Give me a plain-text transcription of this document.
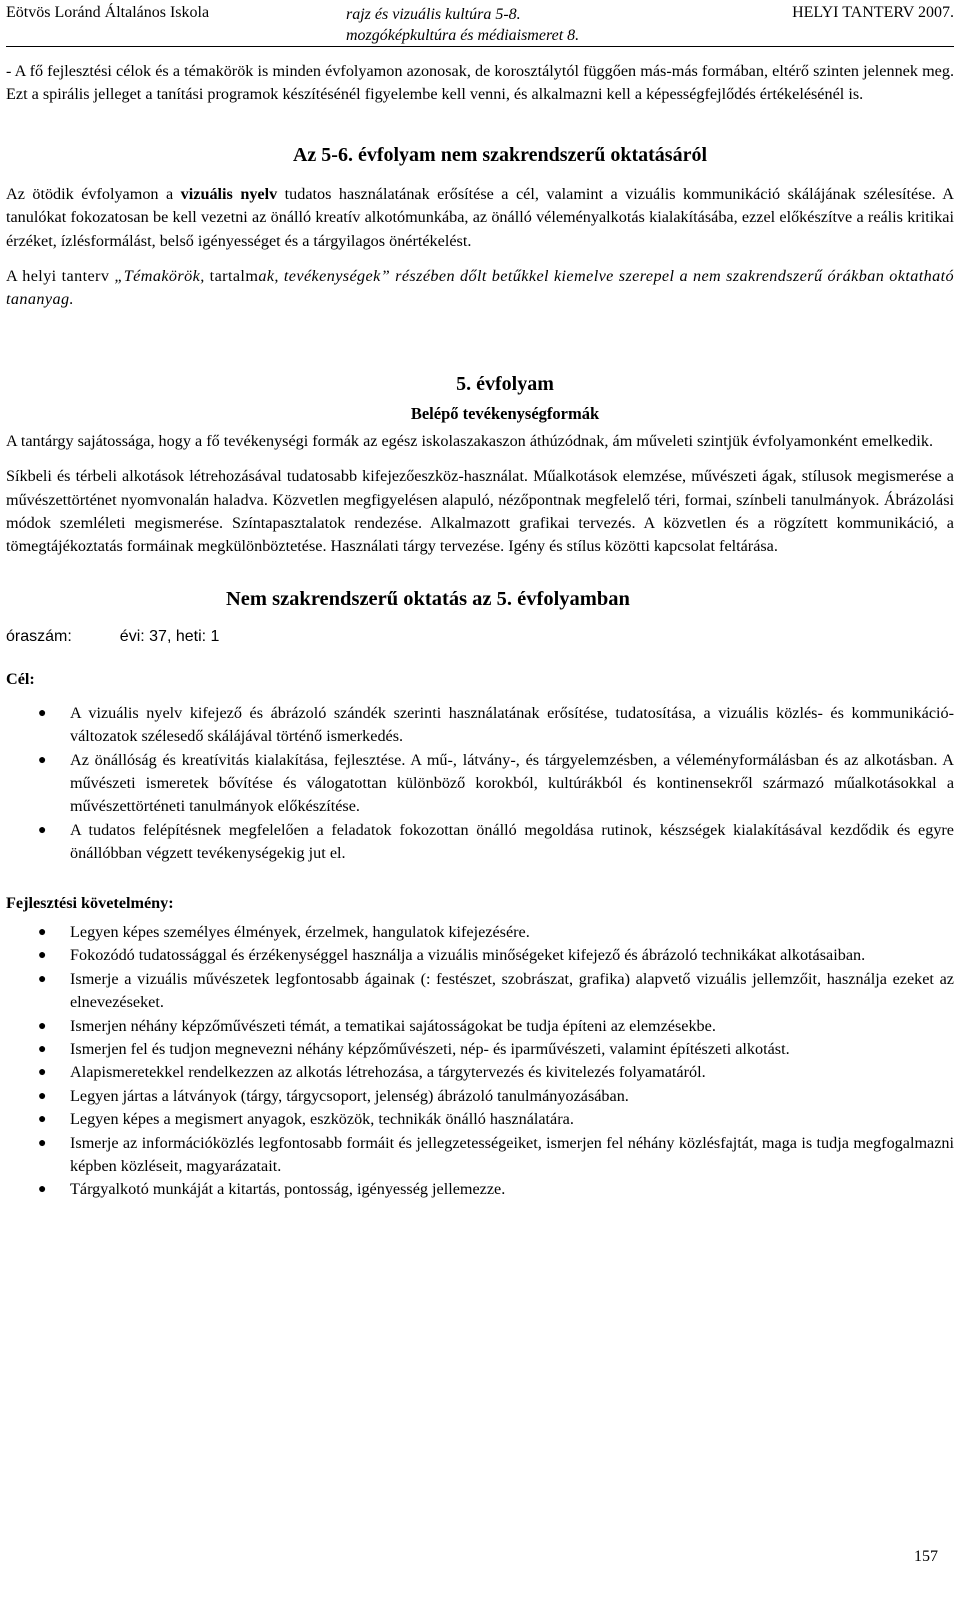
Eötvös Loránd Általános Iskola	rajz és vizuális kultúra 5-8.
mozgóképkultúra és médiaismeret 8.
HELYI TANTERV 2007.

- A fő fejlesztési célok és a témakörök is minden évfolyamon azonosak, de korosztálytól függően más-más formában, eltérő szinten jelennek meg. Ezt a spirális jelleget a tanítási programok készítésénél figyelembe kell venni, és alkalmazni kell a képességfejlődés értékelésénél is.

Az 5-6. évfolyam nem szakrendszerű oktatásáról

Az ötödik évfolyamon a vizuális nyelv tudatos használatának erősítése a cél, valamint a vizuális kommunikáció skálájának szélesítése. A tanulókat fokozatosan be kell vezetni az önálló kreatív alkotómunkába, az önálló véleményalkotás kialakításába, ezzel előkészítve a reális kritikai érzéket, ízlésformálást, belső igényességet és a tárgyilagos önértékelést.

A helyi tanterv „Témakörök, tartalmak, tevékenységek” részében dőlt betűkkel kiemelve szerepel a nem szakrendszerű órákban oktatható tananyag.

5. évfolyam
Belépő tevékenységformák

A tantárgy sajátossága, hogy a fő tevékenységi formák az egész iskolaszakaszon áthúzódnak, ám műveleti szintjük évfolyamonként emelkedik.

Síkbeli és térbeli alkotások létrehozásával tudatosabb kifejezőeszköz-használat. Műalkotások elemzése, művészeti ágak, stílusok megismerése a művészettörténet nyomvonalán haladva. Közvetlen megfigyelésen alapuló, nézőpontnak megfelelő téri, formai, színbeli tanulmányok. Ábrázolási módok szemléleti megismerése. Színtapasztalatok rendezése. Alkalmazott grafikai tervezés. A közvetlen és a rögzített kommunikáció, a tömegtájékoztatás formáinak megkülönböztetése. Használati tárgy tervezése. Igény és stílus közötti kapcsolat feltárása.

Nem szakrendszerű oktatás az 5. évfolyamban
óraszám:	évi: 37, heti: 1
Cél:
● A vizuális nyelv kifejező és ábrázoló szándék szerinti használatának erősítése, tudatosítása, a vizuális közlés- és kommunikáció-változatok szélesedő skálájával történő ismerkedés.
● Az önállóság és kreatívitás kialakítása, fejlesztése. A mű-, látvány-, és tárgyelemzésben, a véleményformálásban és az alkotásban. A művészeti ismeretek bővítése és válogatottan különböző korokból, kultúrákból és kontinensekről származó műalkotásokkal a művészettörténeti tanulmányok előkészítése.
● A tudatos felépítésnek megfelelően a feladatok fokozottan önálló megoldása rutinok, készségek kialakításával kezdődik és egyre önállóbban végzett tevékenységekig jut el.
Fejlesztési követelmény:
● Legyen képes személyes élmények, érzelmek, hangulatok kifejezésére.
● Fokozódó tudatossággal és érzékenységgel használja a vizuális minőségeket kifejező és ábrázoló technikákat alkotásaiban.
● Ismerje a vizuális művészetek legfontosabb ágainak (: festészet, szobrászat, grafika) alapvető vizuális jellemzőit, használja ezeket az elnevezéseket.
● Ismerjen néhány képzőművészeti témát, a tematikai sajátosságokat be tudja építeni az elemzésekbe.
● Ismerjen fel és tudjon megnevezni néhány képzőművészeti, nép- és iparművészeti, valamint építészeti alkotást.
● Alapismeretekkel rendelkezzen az alkotás létrehozása, a tárgytervezés és kivitelezés folyamatáról.
● Legyen jártas a látványok (tárgy, tárgycsoport, jelenség) ábrázoló tanulmányozásában.
● Legyen képes a megismert anyagok, eszközök, technikák önálló használatára.
● Ismerje az információközlés legfontosabb formáit és jellegzetességeiket, ismerjen fel néhány közlésfajtát, maga is tudja megfogalmazni képben közléseit, magyarázatait.
● Tárgyalkotó munkáját a kitartás, pontosság, igényesség jellemezze.
157
